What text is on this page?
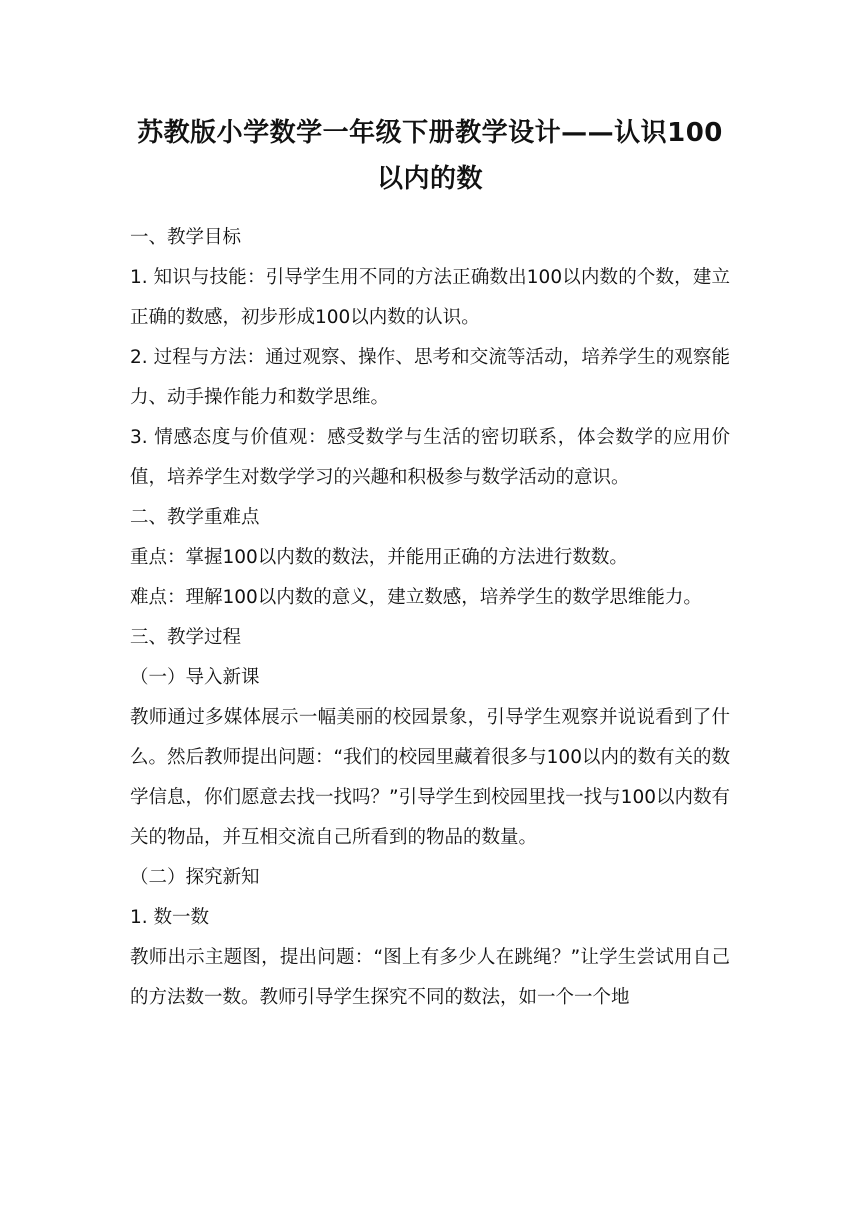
苏教版小学数学一年级下册教学设计——认识100以内的数

一、教学目标

1. 知识与技能：引导学生用不同的方法正确数出100以内数的个数，建立正确的数感，初步形成100以内数的认识。

2. 过程与方法：通过观察、操作、思考和交流等活动，培养学生的观察能力、动手操作能力和数学思维。

3. 情感态度与价值观：感受数学与生活的密切联系，体会数学的应用价值，培养学生对数学学习的兴趣和积极参与数学活动的意识。

二、教学重难点

重点：掌握100以内数的数法，并能用正确的方法进行数数。

难点：理解100以内数的意义，建立数感，培养学生的数学思维能力。

三、教学过程

（一）导入新课

教师通过多媒体展示一幅美丽的校园景象，引导学生观察并说说看到了什么。然后教师提出问题：“我们的校园里藏着很多与100以内的数有关的数学信息，你们愿意去找一找吗？”引导学生到校园里找一找与100以内数有关的物品，并互相交流自己所看到的物品的数量。

（二）探究新知

1. 数一数

教师出示主题图，提出问题：“图上有多少人在跳绳？”让学生尝试用自己的方法数一数。教师引导学生探究不同的数法，如一个一个地
